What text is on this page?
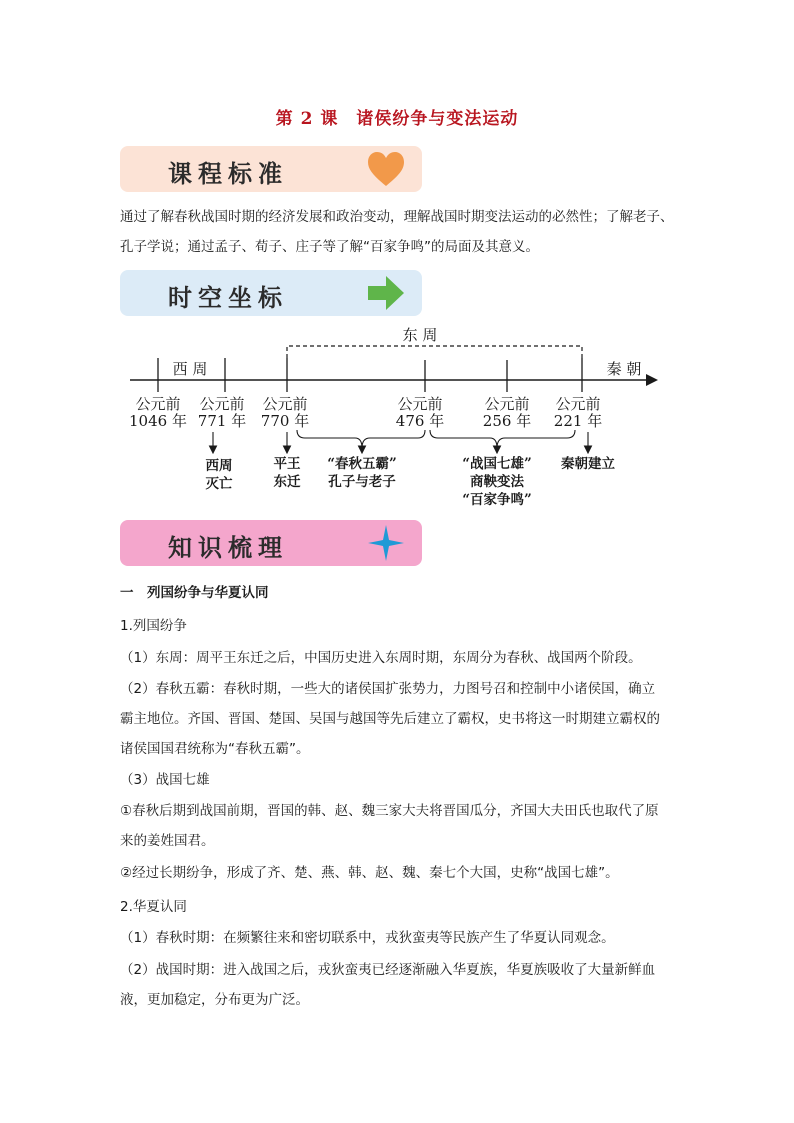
第 2 课　诸侯纷争与变法运动
课程标准
通过了解春秋战国时期的经济发展和政治变动，理解战国时期变法运动的必然性；了解老子、孔子学说；通过孟子、荀子、庄子等了解“百家争鸣”的局面及其意义。
时空坐标
东 周
西 周	秦 朝
公元前
1046 年
公元前
771 年
公元前
770 年
公元前
476 年
公元前
256 年
公元前
221 年
西周
灭亡
平王
东迁
“春秋五霸”
孔子与老子
“战国七雄”
商鞅变法
“百家争鸣”
秦朝建立
知识梳理
一　列国纷争与华夏认同
1.列国纷争
（1）东周：周平王东迁之后，中国历史进入东周时期，东周分为春秋、战国两个阶段。
（2）春秋五霸：春秋时期，一些大的诸侯国扩张势力，力图号召和控制中小诸侯国，确立
霸主地位。齐国、晋国、楚国、吴国与越国等先后建立了霸权，史书将这一时期建立霸权的
诸侯国国君统称为“春秋五霸”。
（3）战国七雄
①春秋后期到战国前期，晋国的韩、赵、魏三家大夫将晋国瓜分，齐国大夫田氏也取代了原
来的姜姓国君。
②经过长期纷争，形成了齐、楚、燕、韩、赵、魏、秦七个大国，史称“战国七雄”。
2.华夏认同
（1）春秋时期：在频繁往来和密切联系中，戎狄蛮夷等民族产生了华夏认同观念。
（2）战国时期：进入战国之后，戎狄蛮夷已经逐渐融入华夏族，华夏族吸收了大量新鲜血
液，更加稳定，分布更为广泛。
